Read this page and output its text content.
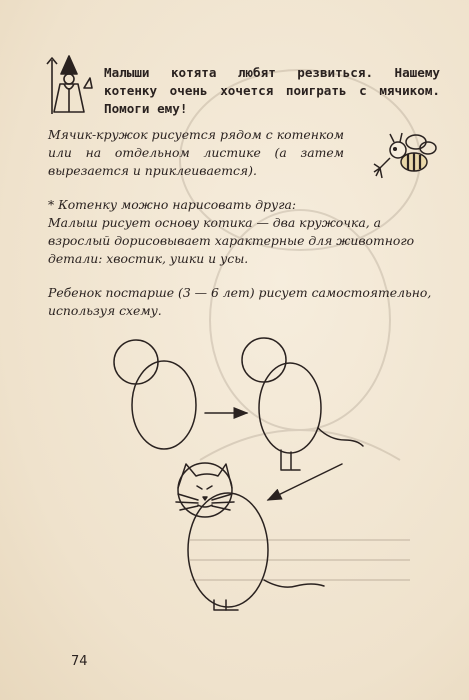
Малыши котята любят резвиться. Нашему котенку очень хочется поиграть с мячиком. Помоги ему!
Мячик-кружок рисуется рядом с котенком или на отдельном листике (а затем вырезается и приклеивается).

* Котенку можно нарисовать друга:

Малыш рисует основу котика — два кружочка, а взрослый дорисовывает характерные для животного детали: хвостик, ушки и усы.

Ребенок постарше (3 — 6 лет) рисует самостоятельно, используя схему.
74
